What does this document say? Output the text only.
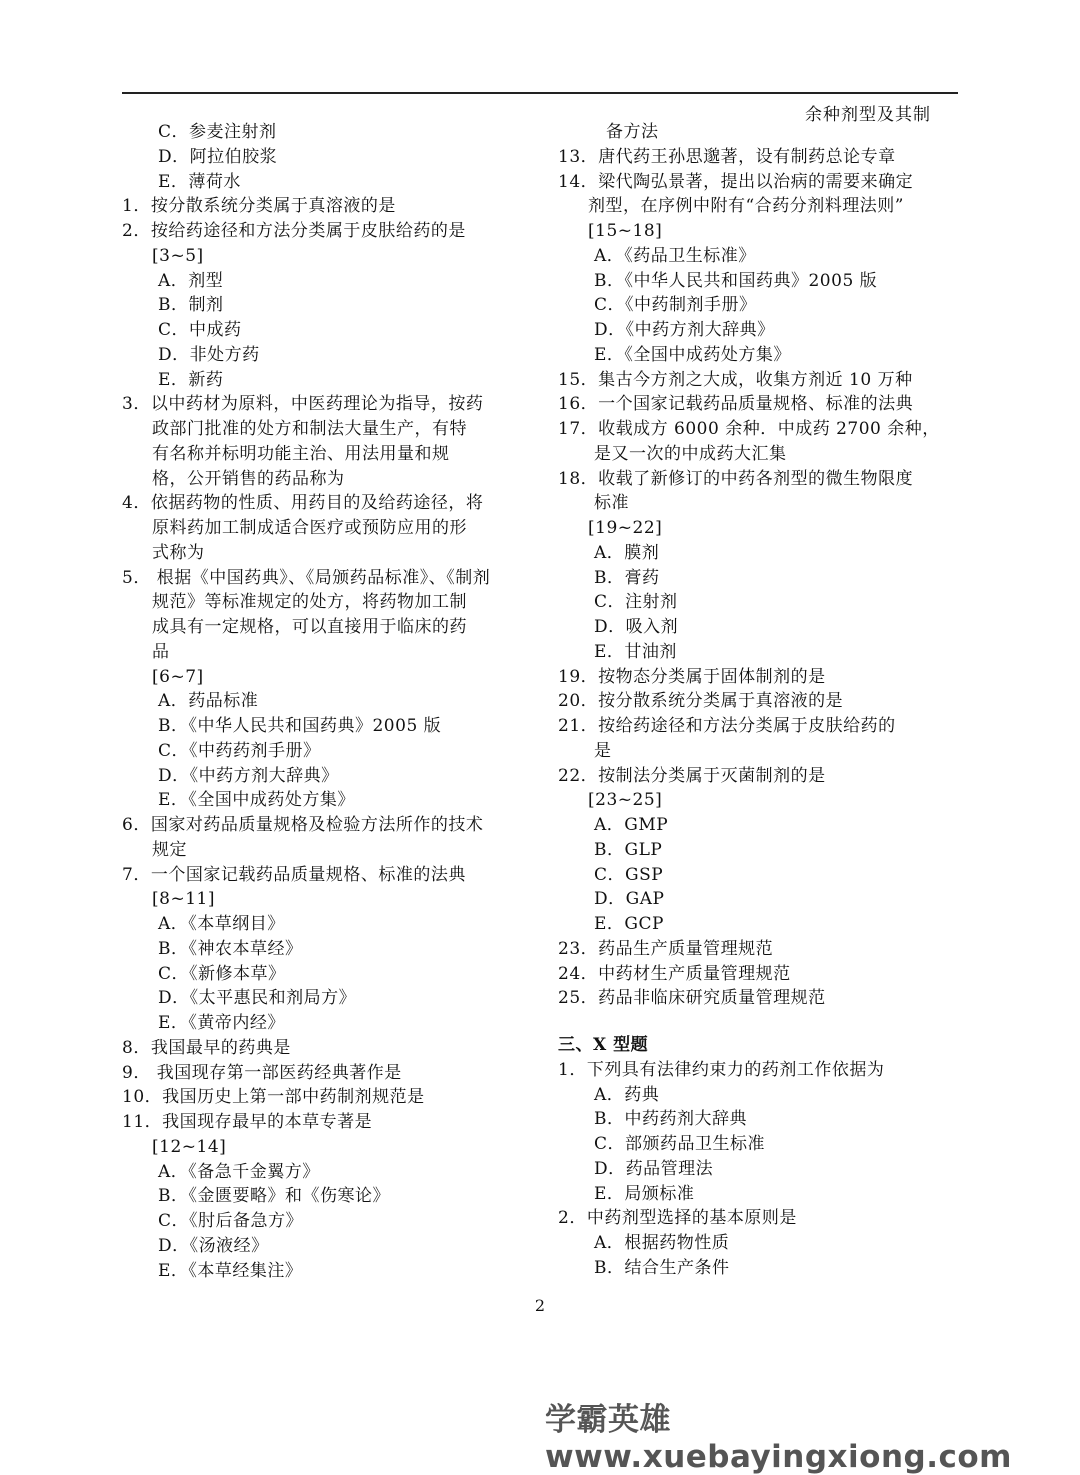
余种剂型及其制
C．参麦注射剂
D．阿拉伯胶浆
E．薄荷水
1．按分散系统分类属于真溶液的是
2．按给药途径和方法分类属于皮肤给药的是
[3~5]
A．剂型
B．制剂
C．中成药
D．非处方药
E．新药
3．以中药材为原料，中医药理论为指导，按药
政部门批准的处方和制法大量生产，有特
有名称并标明功能主治、用法用量和规
格，公开销售的药品称为
4．依据药物的性质、用药目的及给药途径，将
原料药加工制成适合医疗或预防应用的形
式称为
5． 根据《中国药典》、《局颁药品标准》、《制剂
规范》等标准规定的处方，将药物加工制
成具有一定规格，可以直接用于临床的药
品
[6~7]
A．药品标准
B．《中华人民共和国药典》2005 版
C．《中药药剂手册》
D．《中药方剂大辞典》
E．《全国中成药处方集》
6．国家对药品质量规格及检验方法所作的技术
规定
7．一个国家记载药品质量规格、标准的法典
[8~11]
A．《本草纲目》
B．《神农本草经》
C．《新修本草》
D．《太平惠民和剂局方》
E．《黄帝内经》
8．我国最早的药典是
9． 我国现存第一部医药经典著作是
10．我国历史上第一部中药制剂规范是
11．我国现存最早的本草专著是
[12~14]
A．《备急千金翼方》
B．《金匮要略》和《伤寒论》
C．《肘后备急方》
D．《汤液经》
E．《本草经集注》
备方法
13．唐代药王孙思邈著，设有制药总论专章
14．梁代陶弘景著，提出以治病的需要来确定
剂型，在序例中附有“合药分剂料理法则”
[15~18]
A．《药品卫生标准》
B．《中华人民共和国药典》2005 版
C．《中药制剂手册》
D．《中药方剂大辞典》
E．《全国中成药处方集》
15．集古今方剂之大成，收集方剂近 10 万种
16．一个国家记载药品质量规格、标准的法典
17．收载成方 6000 余种．中成药 2700 余种，
是又一次的中成药大汇集
18．收载了新修订的中药各剂型的微生物限度
标准
[19~22]
A．膜剂
B．膏药
C．注射剂
D．吸入剂
E．甘油剂
19．按物态分类属于固体制剂的是
20．按分散系统分类属于真溶液的是
21．按给药途径和方法分类属于皮肤给药的
是
22．按制法分类属于灭菌制剂的是
[23~25]
A．GMP
B．GLP
C．GSP
D．GAP
E．GCP
23．药品生产质量管理规范
24．中药材生产质量管理规范
25．药品非临床研究质量管理规范
三、X 型题
1．下列具有法律约束力的药剂工作依据为
A．药典
B．中药药剂大辞典
C．部颁药品卫生标准
D．药品管理法
E．局颁标准
2．中药剂型选择的基本原则是
A．根据药物性质
B．结合生产条件
2
学霸英雄 www.xuebayingxiong.com
